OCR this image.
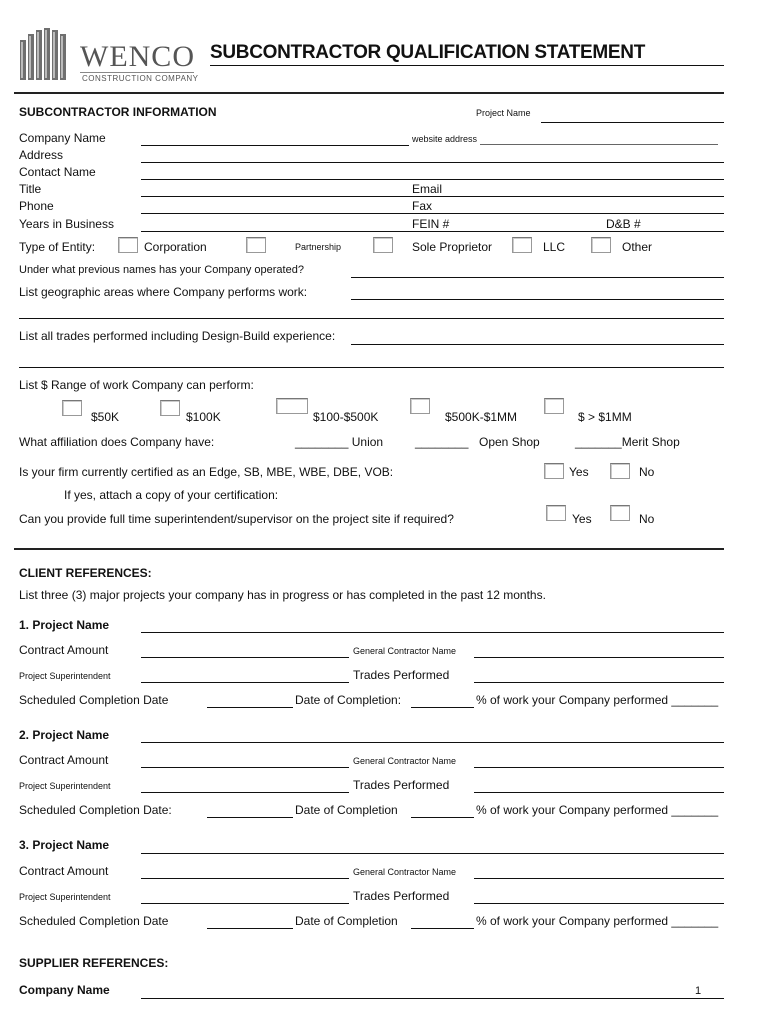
WENCO
CONSTRUCTION COMPANY
SUBCONTRACTOR QUALIFICATION STATEMENT
SUBCONTRACTOR INFORMATION	Project Name
Company Name	website address
Address
Contact Name
Title	Email
Phone	Fax
Years in Business	FEIN #	D&B #
Type of Entity:	Corporation	Partnership	Sole Proprietor	LLC	Other
Under what previous names has your Company operated?
List geographic areas where Company performs work:
List all trades performed including Design-Build experience:
List $ Range of work Company can perform:
$50K	$100K	$100-$500K	$500K-$1MM	$ > $1MM
What affiliation does Company have:	________ Union	________ Open Shop	_______Merit Shop
Is your firm currently certified as an Edge, SB, MBE, WBE, DBE, VOB:	Yes	No
If yes, attach a copy of your certification:
Can you provide full time superintendent/supervisor on the project site if required?	Yes	No
CLIENT REFERENCES:
List three (3) major projects your company has in progress or has completed in the past 12 months.
1. Project Name
Contract Amount	General Contractor Name
Project Superintendent	Trades Performed
Scheduled Completion Date	Date of Completion:	% of work your Company performed _______
2. Project Name
Contract Amount	General Contractor Name
Project Superintendent	Trades Performed
Scheduled Completion Date:	Date of Completion	% of work your Company performed _______
3. Project Name
Contract Amount	General Contractor Name
Project Superintendent	Trades Performed
Scheduled Completion Date	Date of Completion	% of work your Company performed _______
SUPPLIER REFERENCES:
Company Name	1
